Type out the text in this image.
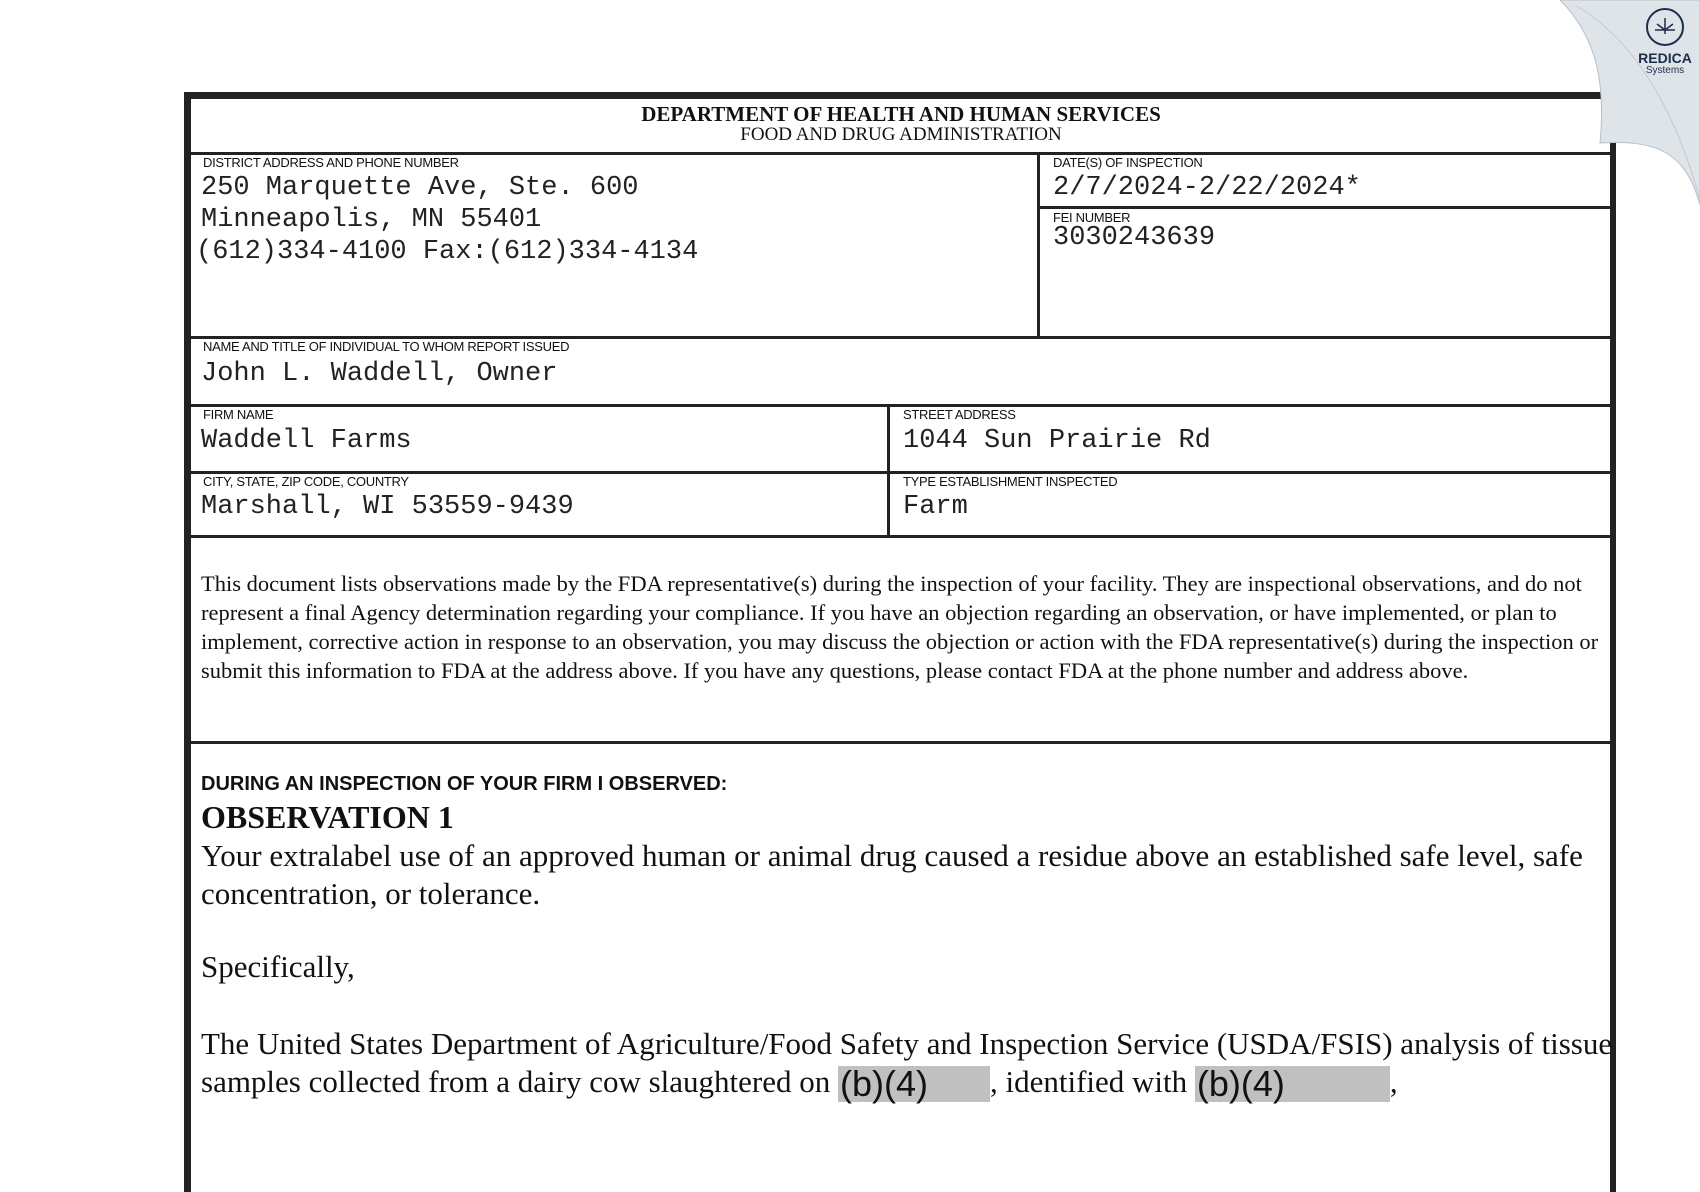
DEPARTMENT OF HEALTH AND HUMAN SERVICES
FOOD AND DRUG ADMINISTRATION
DISTRICT ADDRESS AND PHONE NUMBER
250 Marquette Ave, Ste. 600
Minneapolis, MN 55401
(612)334-4100 Fax:(612)334-4134
DATE(S) OF INSPECTION
2/7/2024-2/22/2024*
FEI NUMBER
3030243639
NAME AND TITLE OF INDIVIDUAL TO WHOM REPORT ISSUED
John L. Waddell, Owner
FIRM NAME
Waddell Farms
STREET ADDRESS
1044 Sun Prairie Rd
CITY, STATE, ZIP CODE, COUNTRY
Marshall, WI 53559-9439
TYPE ESTABLISHMENT INSPECTED
Farm
This document lists observations made by the FDA representative(s) during the inspection of your facility. They are inspectional observations, and do not represent a final Agency determination regarding your compliance. If you have an objection regarding an observation, or have implemented, or plan to implement, corrective action in response to an observation, you may discuss the objection or action with the FDA representative(s) during the inspection or submit this information to FDA at the address above. If you have any questions, please contact FDA at the phone number and address above.
DURING AN INSPECTION OF YOUR FIRM I OBSERVED:
OBSERVATION 1
Your extralabel use of an approved human or animal drug caused a residue above an established safe level, safe concentration, or tolerance.
Specifically,
The United States Department of Agriculture/Food Safety and Inspection Service (USDA/FSIS) analysis of tissue samples collected from a dairy cow slaughtered on (b)(4) , identified with (b)(4)	,
REDICA
Systems
